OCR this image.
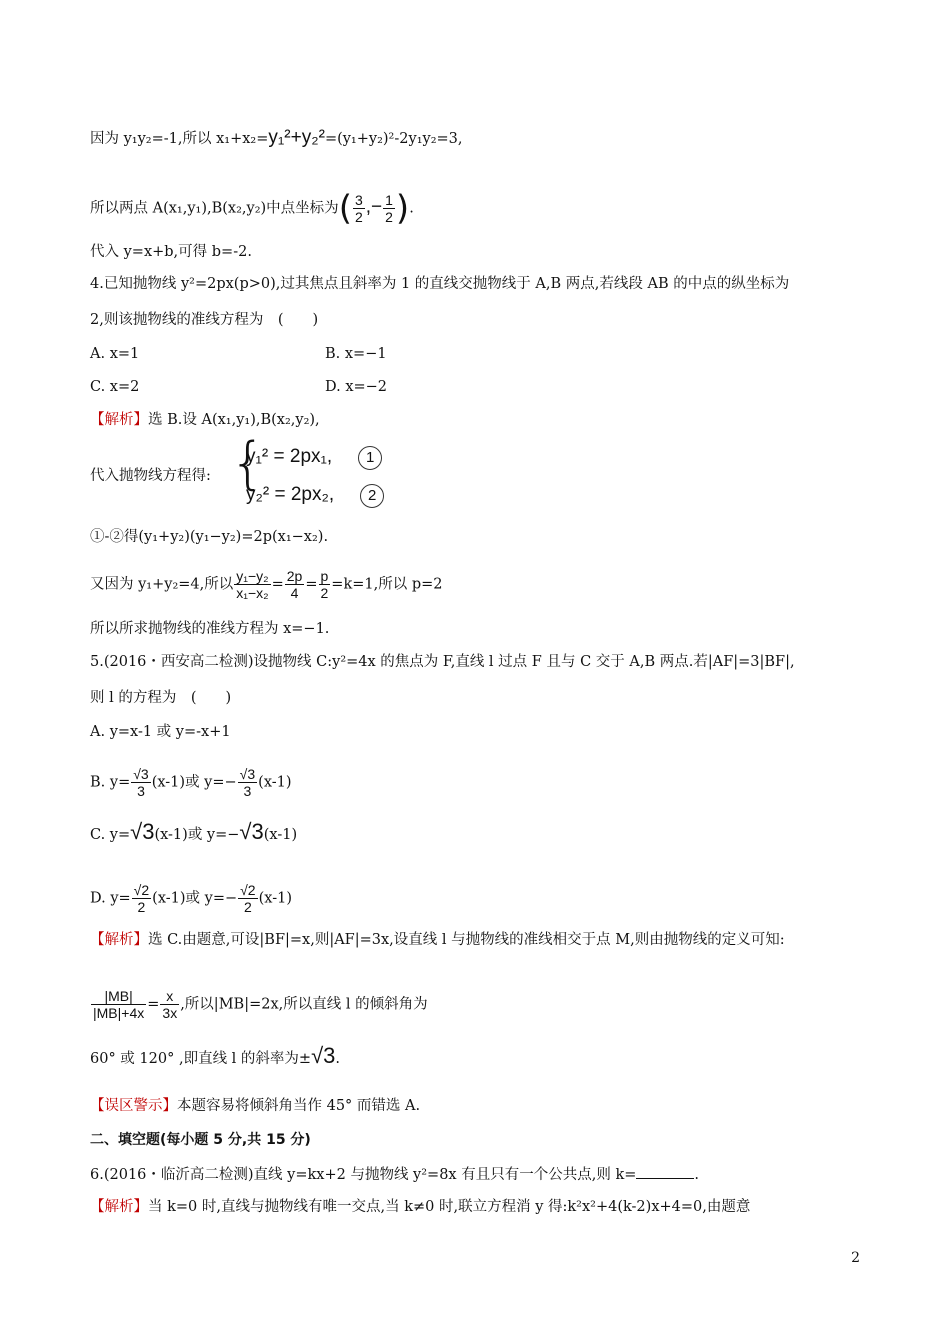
因为 y₁y₂=-1,所以 x₁+x₂=y₁²+y₂²=(y₁+y₂)²-2y₁y₂=3,
所以两点 A(x₁,y₁),B(x₂,y₂)中点坐标为( $\frac{3}{2}$ ,− $\frac{1}{2}$ ).
代入 y=x+b,可得 b=-2.
4.已知抛物线 y²=2px(p>0),过其焦点且斜率为 1 的直线交抛物线于 A,B 两点,若线段 AB 的中点的纵坐标为
2,则该抛物线的准线方程为　(　　)
A. x=1	B. x=−1
C. x=2	D. x=−2
【解析】选 B.设 A(x₁,y₁),B(x₂,y₂),
代入抛物线方程得: {
y₁² = 2px₁, 1
y₂² = 2px₂, 2
①-②得(y₁+y₂)(y₁−y₂)=2p(x₁−x₂).
又因为 y₁+y₂=4,所以 $\frac{\text{y₁−y₂}}{\text{x₁−x₂}} = \frac{2p}{4} = \frac{p}{2} =k=1$,所以 p=2
所以所求抛物线的准线方程为 x=−1.
5.(2016・西安高二检测)设抛物线 C:y²=4x 的焦点为 F,直线 l 过点 F 且与 C 交于 A,B 两点.若|AF|=3|BF|,
则 l 的方程为　(　　)
A. y=x-1 或 y=-x+1
B. $y= \frac{√3}{3} (x-1)$或 $y=- \frac{√3}{3} (x-1)$
C. y=√3(x-1)或 y=−√3(x-1)
D. $y= \frac{√2}{2} (x-1)$或 $y=- \frac{√2}{2} (x-1)$
【解析】选 C.由题意,可设|BF|=x,则|AF|=3x,设直线 l 与抛物线的准线相交于点 M,则由抛物线的定义可知:
$\frac{|MB|}{|MB|+4x} = \frac{x}{3x}$ ,所以|MB|=2x,所以直线 l 的倾斜角为
60° 或 120° ,即直线 l 的斜率为±√3.
【误区警示】本题容易将倾斜角当作 45° 而错选 A.
二、填空题(每小题 5 分,共 15 分)
6.(2016・临沂高二检测)直线 y=kx+2 与抛物线 y²=8x 有且只有一个公共点,则 k=	.
【解析】当 k=0 时,直线与抛物线有唯一交点,当 k≠0 时,联立方程消 y 得:k²x²+4(k-2)x+4=0,由题意
2
